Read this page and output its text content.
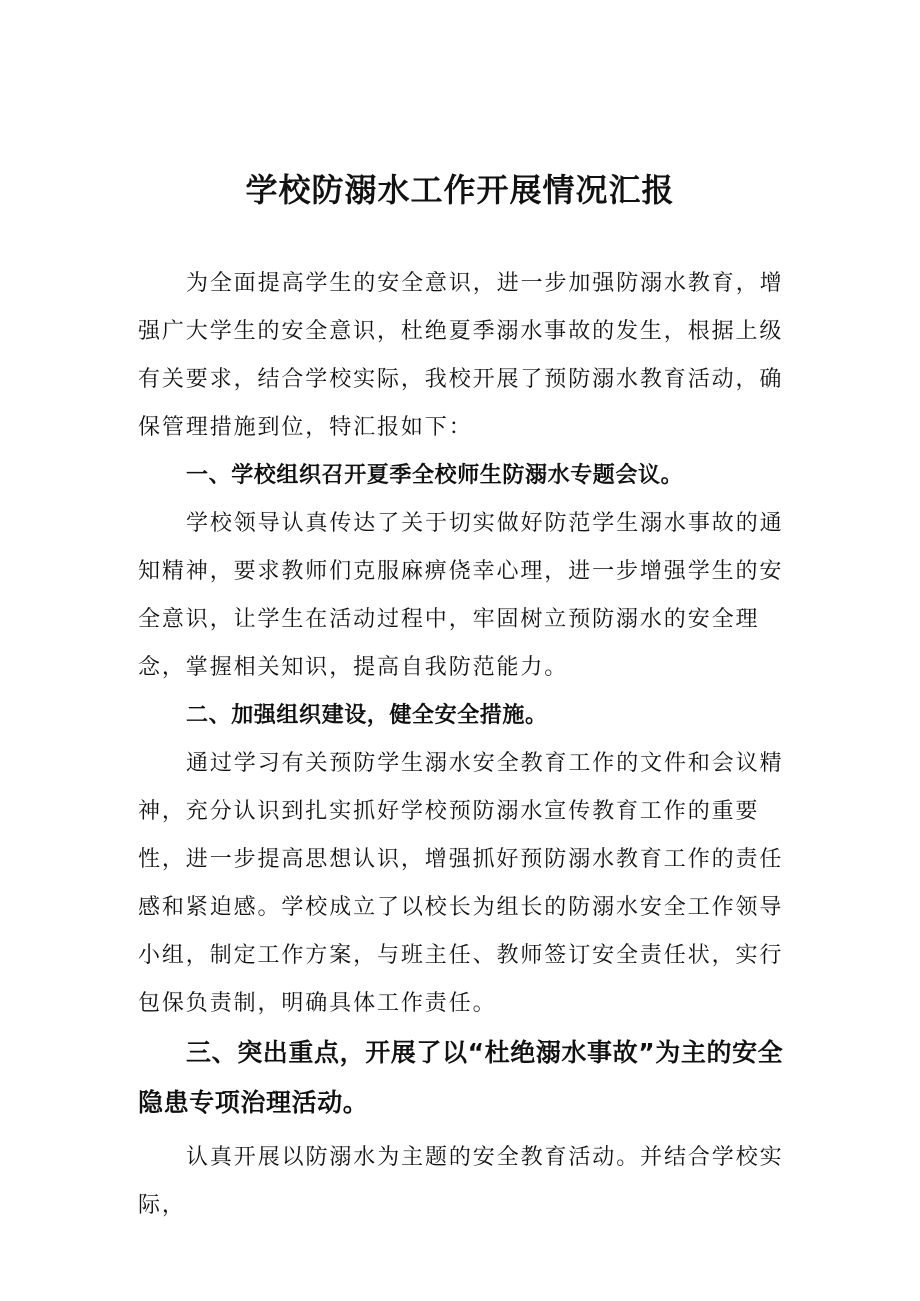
学校防溺水工作开展情况汇报

为全面提高学生的安全意识，进一步加强防溺水教育，增强广大学生的安全意识，杜绝夏季溺水事故的发生，根据上级有关要求，结合学校实际，我校开展了预防溺水教育活动，确保管理措施到位，特汇报如下：

一、学校组织召开夏季全校师生防溺水专题会议。

学校领导认真传达了关于切实做好防范学生溺水事故的通知精神，要求教师们克服麻痹侥幸心理，进一步增强学生的安全意识，让学生在活动过程中，牢固树立预防溺水的安全理念，掌握相关知识，提高自我防范能力。

二、加强组织建设，健全安全措施。

通过学习有关预防学生溺水安全教育工作的文件和会议精神，充分认识到扎实抓好学校预防溺水宣传教育工作的重要性，进一步提高思想认识，增强抓好预防溺水教育工作的责任感和紧迫感。学校成立了以校长为组长的防溺水安全工作领导小组，制定工作方案，与班主任、教师签订安全责任状，实行包保负责制，明确具体工作责任。

三、突出重点，开展了以“杜绝溺水事故”为主的安全隐患专项治理活动。

认真开展以防溺水为主题的安全教育活动。并结合学校实际，
